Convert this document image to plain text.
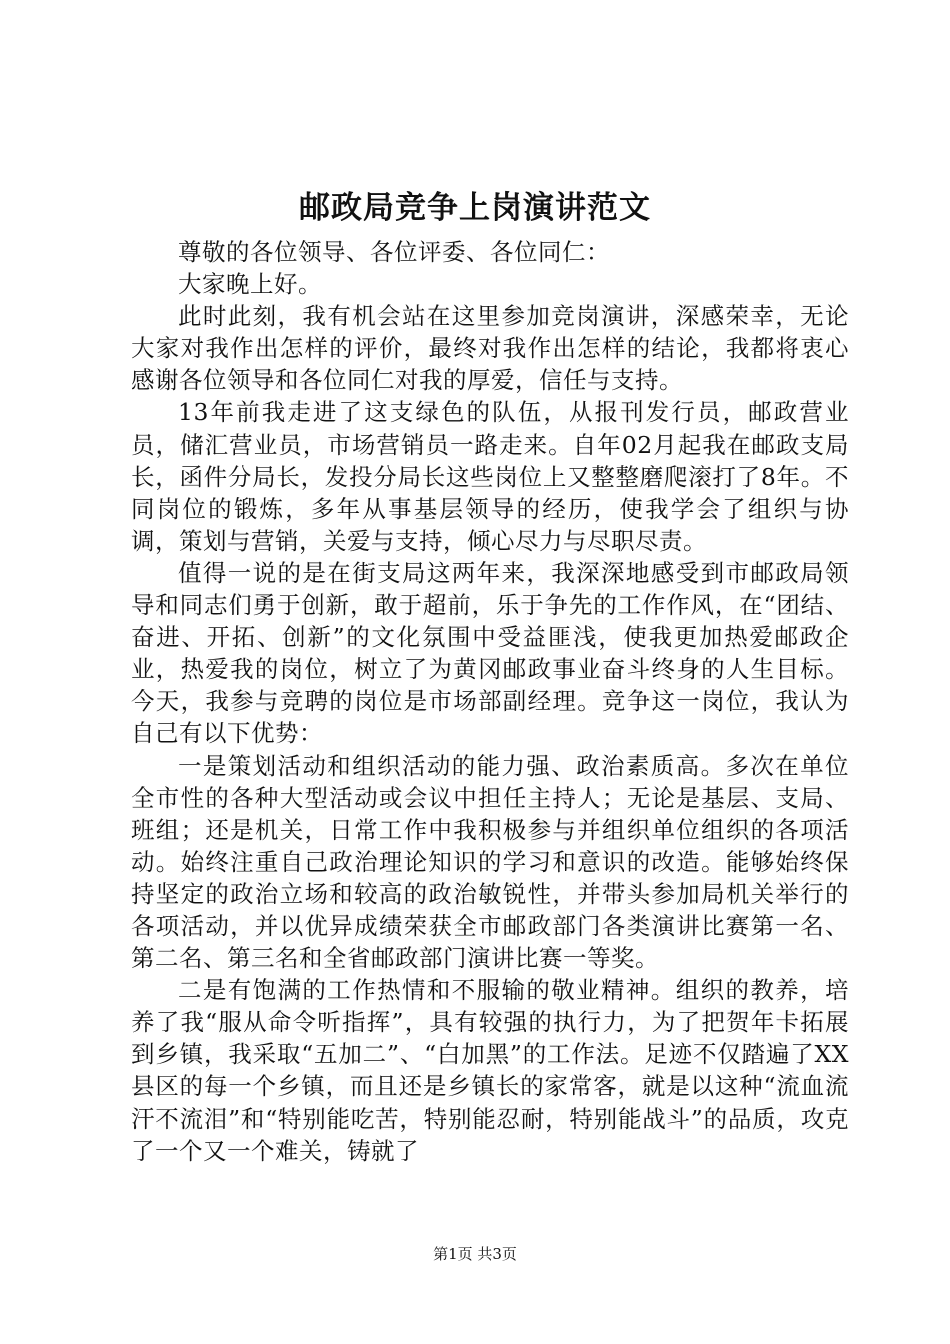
邮政局竞争上岗演讲范文

尊敬的各位领导、各位评委、各位同仁：

大家晚上好。

此时此刻，我有机会站在这里参加竞岗演讲，深感荣幸，无论大家对我作出怎样的评价，最终对我作出怎样的结论，我都将衷心感谢各位领导和各位同仁对我的厚爱，信任与支持。

13年前我走进了这支绿色的队伍，从报刊发行员，邮政营业员，储汇营业员，市场营销员一路走来。自年02月起我在邮政支局长，函件分局长，发投分局长这些岗位上又整整磨爬滚打了8年。不同岗位的锻炼，多年从事基层领导的经历，使我学会了组织与协调，策划与营销，关爱与支持，倾心尽力与尽职尽责。

值得一说的是在街支局这两年来，我深深地感受到市邮政局领导和同志们勇于创新，敢于超前，乐于争先的工作作风，在“团结、奋进、开拓、创新”的文化氛围中受益匪浅，使我更加热爱邮政企业，热爱我的岗位，树立了为黄冈邮政事业奋斗终身的人生目标。今天，我参与竞聘的岗位是市场部副经理。竞争这一岗位，我认为自己有以下优势：

一是策划活动和组织活动的能力强、政治素质高。多次在单位全市性的各种大型活动或会议中担任主持人；无论是基层、支局、班组；还是机关，日常工作中我积极参与并组织单位组织的各项活动。始终注重自己政治理论知识的学习和意识的改造。能够始终保持坚定的政治立场和较高的政治敏锐性，并带头参加局机关举行的各项活动，并以优异成绩荣获全市邮政部门各类演讲比赛第一名、第二名、第三名和全省邮政部门演讲比赛一等奖。

二是有饱满的工作热情和不服输的敬业精神。组织的教养，培养了我“服从命令听指挥”，具有较强的执行力，为了把贺年卡拓展到乡镇，我采取“五加二”、“白加黑”的工作法。足迹不仅踏遍了XX县区的每一个乡镇，而且还是乡镇长的家常客，就是以这种“流血流汗不流泪”和“特别能吃苦，特别能忍耐，特别能战斗”的品质，攻克了一个又一个难关，铸就了

第1页 共3页
